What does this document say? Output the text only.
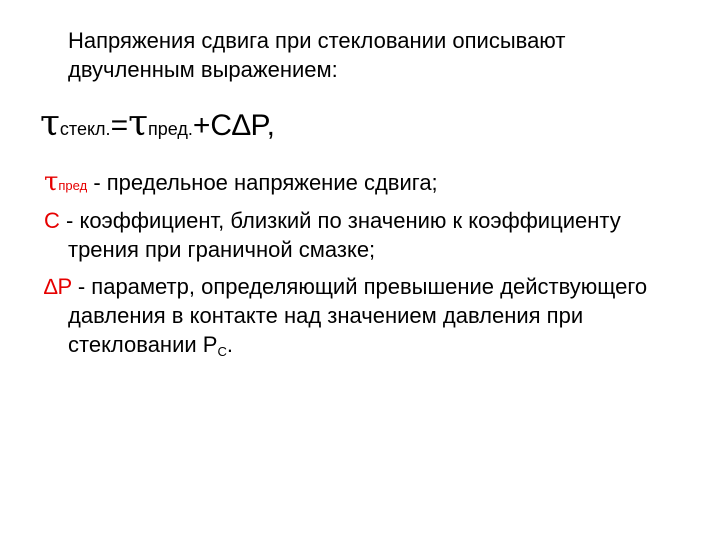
Напряжения сдвига при стекловании описывают двучленным выражением:
τстекл.=τпред.+C∆P,
τпред - предельное напряжение сдвига;
C - коэффициент, близкий по значению к коэффициенту трения при граничной смазке;
∆P - параметр, определяющий превышение действующего давления в контакте над значением давления при стекловании PС.
